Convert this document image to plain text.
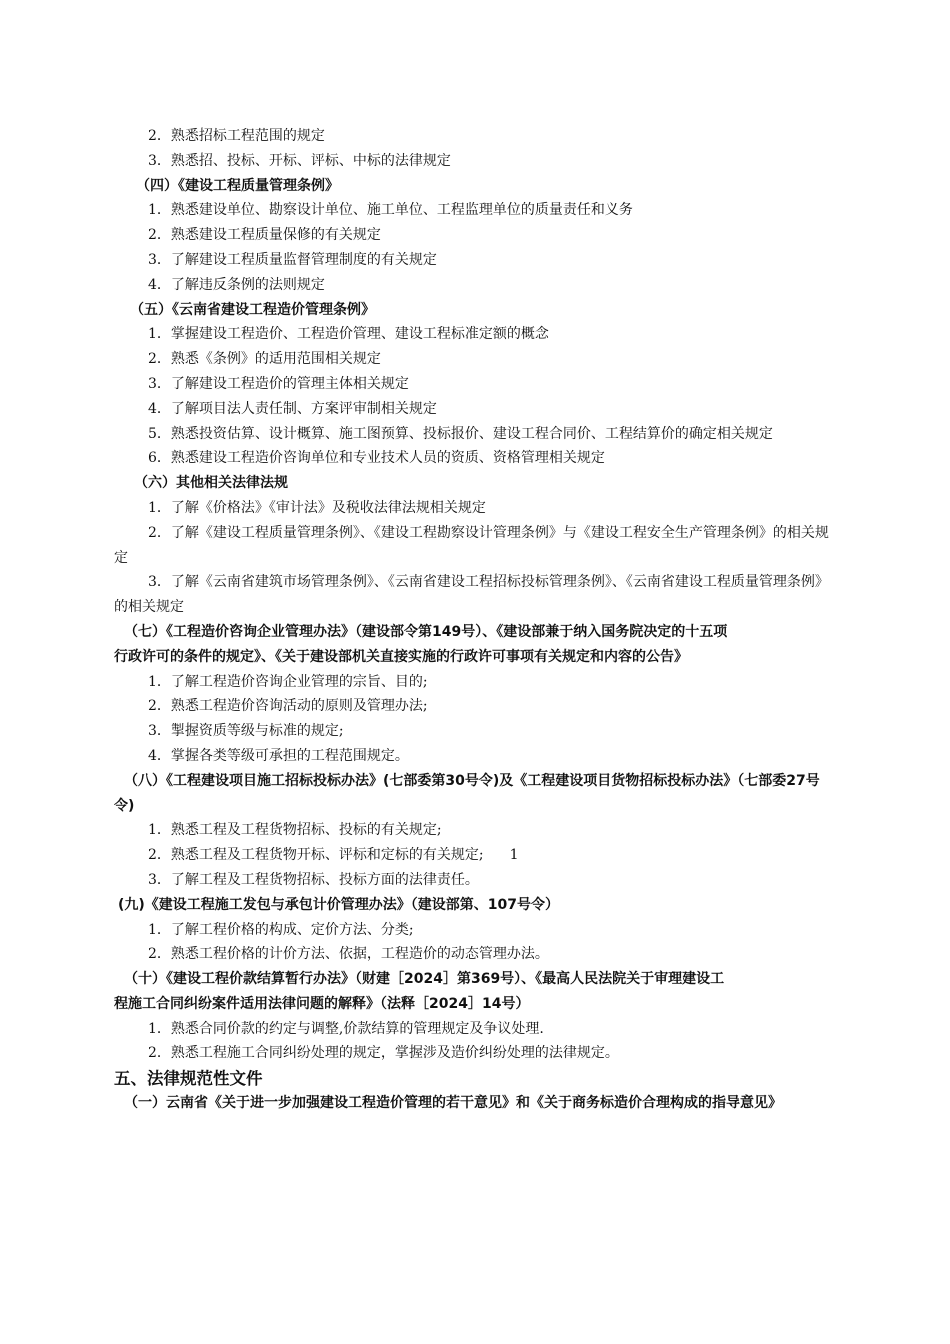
2．熟悉招标工程范围的规定
3．熟悉招、投标、开标、评标、中标的法律规定
（四）《建设工程质量管理条例》
1．熟悉建设单位、勘察设计单位、施工单位、工程监理单位的质量责任和义务
2．熟悉建设工程质量保修的有关规定
3．了解建设工程质量监督管理制度的有关规定
4．了解违反条例的法则规定
（五）《云南省建设工程造价管理条例》
1．掌握建设工程造价、工程造价管理、建设工程标准定额的概念
2．熟悉《条例》的适用范围相关规定
3．了解建设工程造价的管理主体相关规定
4．了解项目法人责任制、方案评审制相关规定
5．熟悉投资估算、设计概算、施工图预算、投标报价、建设工程合同价、工程结算价的确定相关规定
6．熟悉建设工程造价咨询单位和专业技术人员的资质、资格管理相关规定
（六）其他相关法律法规
1．了解《价格法》《审计法》及税收法律法规相关规定
2．了解《建设工程质量管理条例》、《建设工程勘察设计管理条例》与《建设工程安全生产管理条例》的相关规定
3．了解《云南省建筑市场管理条例》、《云南省建设工程招标投标管理条例》、《云南省建设工程质量管理条例》的相关规定
（七）《工程造价咨询企业管理办法》（建设部令第149号）、《建设部兼于纳入国务院决定的十五项
行政许可的条件的规定》、《关于建设部机关直接实施的行政许可事项有关规定和内容的公告》
1．了解工程造价咨询企业管理的宗旨、目的;
2．熟悉工程造价咨询活动的原则及管理办法;
3．掣握资质等级与标准的规定;
4．掌握各类等级可承担的工程范围规定。
（八）《工程建设项目施工招标投标办法》(七部委第30号令)及《工程建设项目货物招标投标办法》（七部委27号令)
1．熟悉工程及工程货物招标、投标的有关规定;
2．熟悉工程及工程货物开标、评标和定标的有关规定; 1
3．了解工程及工程货物招标、投标方面的法律责任。
(九)《建设工程施工发包与承包计价管理办法》（建设部第、107号令）
1．了解工程价格的构成、定价方法、分类;
2．熟悉工程价格的计价方法、依据，工程造价的动态管理办法。
（十）《建设工程价款结算暂行办法》（财建［2024］第369号）、《最高人民法院关于审理建设工
程施工合同纠纷案件适用法律问题的解释》（法释［2024］14号）
1．熟悉合同价款的约定与调整,价款结算的管理规定及争议处理.
2．熟悉工程施工合同纠纷处理的规定，掌握涉及造价纠纷处理的法律规定。
五、法律规范性文件
（一）云南省《关于进一步加强建设工程造价管理的若干意见》和《关于商务标造价合理构成的指导意见》
